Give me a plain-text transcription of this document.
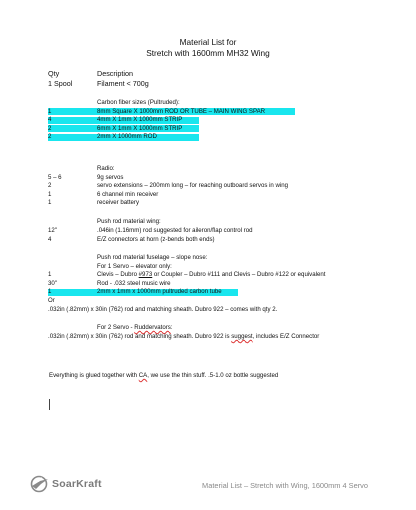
Material List for
Stretch with 1600mm MH32 Wing
Qty	Description
1 Spool	Filament < 700g
Carbon fiber sizes (Pultruded):
1	8mm Square X 1000mm ROD OR TUBE – MAIN WING SPAR
4	4mm X 1mm X 1000mm STRIP
2	6mm X 1mm X 1000mm STRIP
2	2mm X 1000mm ROD
Radio:
5 – 6	9g servos
2	servo extensions – 200mm long – for reaching outboard servos in wing
1	6 channel min receiver
1	receiver battery
Push rod material wing:
12"	.046in (1.16mm) rod suggested for aileron/flap control rod
4	E/Z connectors at horn (z-bends both ends)
Push rod material fuselage – slope nose:
For 1 Servo – elevator only:
1	Clevis – Dubro #973 or Coupler – Dubro #111 and Clevis – Dubro #122 or equivalent
30"	Rod - .032 steel music wire
1	2mm x 1mm x 1000mm pultruded carbon tube
Or
.032in (.82mm) x 30in (762) rod and matching sheath. Dubro 922 – comes with qty 2.
For 2 Servo - Ruddervators:
.032in (.82mm) x 30in (762) rod and matching sheath. Dubro 922 is suggest, includes E/Z Connector
Everything is glued together with CA, we use the thin stuff. .5-1.0 oz bottle suggested
SoarKraft	Material List – Stretch with Wing, 1600mm 4 Servo
